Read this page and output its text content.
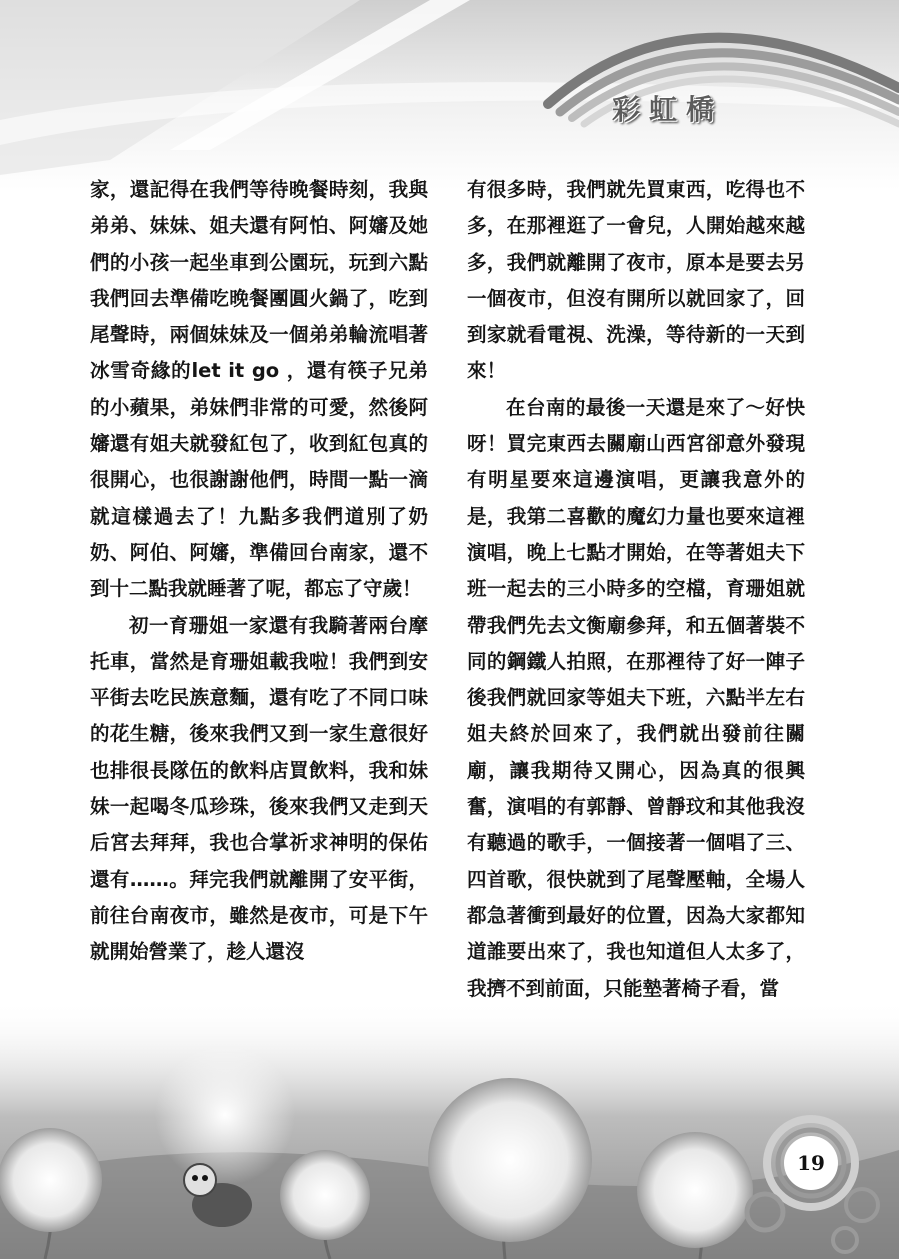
彩虹橋
19

家，還記得在我們等待晚餐時刻，我與弟弟、妹妹、姐夫還有阿怕、阿嬸及她們的小孩一起坐車到公園玩，玩到六點我們回去準備吃晚餐團圓火鍋了，吃到尾聲時，兩個妹妹及一個弟弟輪流唱著冰雪奇緣的let it go ，還有筷子兄弟的小蘋果，弟妹們非常的可愛，然後阿嬸還有姐夫就發紅包了，收到紅包真的很開心，也很謝謝他們，時間一點一滴就這樣過去了！九點多我們道別了奶奶、阿伯、阿嬸，準備回台南家，還不到十二點我就睡著了呢，都忘了守歲！

初一育珊姐一家還有我騎著兩台摩托車，當然是育珊姐載我啦！我們到安平街去吃民族意麵，還有吃了不同口味的花生糖，後來我們又到一家生意很好也排很長隊伍的飲料店買飲料，我和妹妹一起喝冬瓜珍珠，後來我們又走到天后宮去拜拜，我也合掌祈求神明的保佑還有……。拜完我們就離開了安平街，前往台南夜市，雖然是夜市，可是下午就開始營業了，趁人還沒

有很多時，我們就先買東西，吃得也不多，在那裡逛了一會兒，人開始越來越多，我們就離開了夜市，原本是要去另一個夜市，但沒有開所以就回家了，回到家就看電視、洗澡，等待新的一天到來！

在台南的最後一天還是來了～好快呀！買完東西去關廟山西宮卻意外發現有明星要來這邊演唱，更讓我意外的是，我第二喜歡的魔幻力量也要來這裡演唱，晚上七點才開始，在等著姐夫下班一起去的三小時多的空檔，育珊姐就帶我們先去文衡廟參拜，和五個著裝不同的鋼鐵人拍照，在那裡待了好一陣子後我們就回家等姐夫下班，六點半左右姐夫終於回來了，我們就出發前往關廟，讓我期待又開心，因為真的很興奮，演唱的有郭靜、曾靜玟和其他我沒有聽過的歌手，一個接著一個唱了三、四首歌，很快就到了尾聲壓軸，全場人都急著衝到最好的位置，因為大家都知道誰要出來了，我也知道但人太多了，我擠不到前面，只能墊著椅子看，當
